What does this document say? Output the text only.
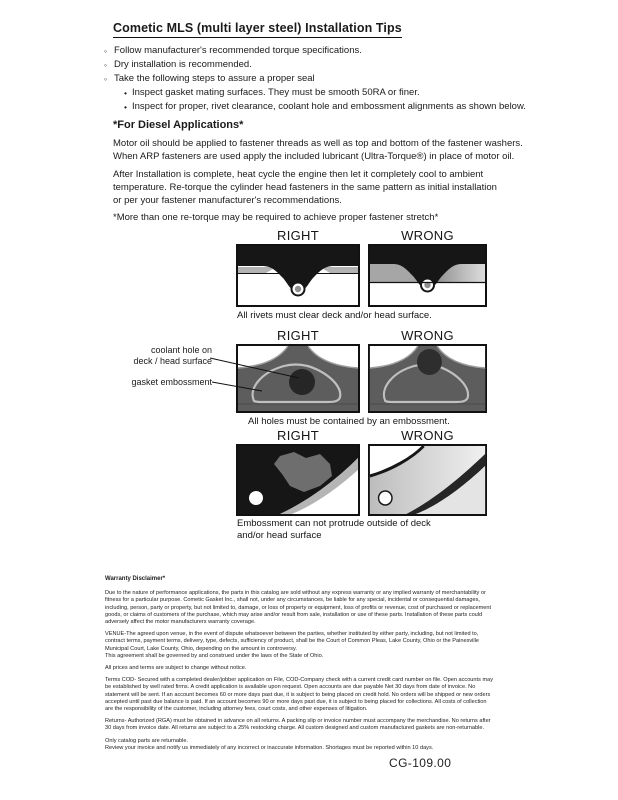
Cometic MLS (multi layer steel) Installation Tips
◦ Follow manufacturer's recommended torque specifications.
◦ Dry installation is recommended.
◦ Take the following steps to assure a proper seal
• Inspect gasket mating surfaces. They must be smooth 50RA or finer.
• Inspect for proper, rivet clearance, coolant hole and embossment alignments as shown below.
*For Diesel Applications*
Motor oil should be applied to fastener threads as well as top and bottom of the fastener washers.
When ARP fasteners are used apply the included lubricant (Ultra-Torque®) in place of motor oil.
After Installation is complete, heat cycle the engine then let it completely cool to ambient
temperature. Re-torque the cylinder head fasteners in the same pattern as initial installation
or per your fastener manufacturer's recommendations.
*More than one re-torque may be required to achieve proper fastener stretch*
RIGHT	WRONG
All rivets must clear deck and/or head surface.
coolant hole on
deck / head surface
gasket embossment
RIGHT	WRONG
All holes must be contained by an embossment.
RIGHT	WRONG
Embossment can not protrude outside of deck
and/or head surface
Warranty Disclaimer*
Due to the nature of performance applications, the parts in this catalog are sold without any express warranty or any implied warranty of merchantability or
fitness for a particular purpose. Cometic Gasket Inc., shall not, under any circumstances, be liable for any special, incidental or consequential damages,
including, person, party or property, but not limited to, damage, or loss of property or equipment, loss of profits or revenue, cost of purchased or replacement
goods, or claims of customers of the purchase, which may arise and/or result from sale, installation or use of these parts. Installation of these parts could
adversely affect the motor manufacturers warranty coverage.
VENUE-The agreed upon venue, in the event of dispute whatsoever between the parties, whether instituted by either party, including, but not limited to,
contract terms, payment terms, delivery, type, defects, sufficiency of product, shall be the Court of Common Pleas, Lake County, Ohio or the Painesville
Municipal Court, Lake County, Ohio, depending on the amount in controversy.
This agreement shall be governed by and construed under the laws of the State of Ohio.
All prices and terms are subject to change without notice.
Terms COD- Secured with a completed dealer/jobber application on File, COD-Company check with a current credit card number on file. Open accounts may
be established by well rated firms. A credit application is available upon request. Open accounts are due payable Net 30 days from date of invoice. No
statement will be sent. If an account becomes 60 or more days past due, it is subject to being placed on credit hold. No orders will be shipped or new orders
accepted until past due balance is paid. If an account becomes 90 or more days past due, it is subject to being placed for collections. All costs of collection
are the responsibility of the customer, including attorney fees, court costs, and other expenses of litigation.
Returns- Authorized (RGA) must be obtained in advance on all returns. A packing slip or invoice number must accompany the merchandise. No returns after
30 days from invoice date. All returns are subject to a 25% restocking charge. All custom designed and custom manufactured gaskets are non-returnable.
Only catalog parts are returnable.
Review your invoice and notify us immediately of any incorrect or inaccurate information. Shortages must be reported within 10 days.
CG-109.00
